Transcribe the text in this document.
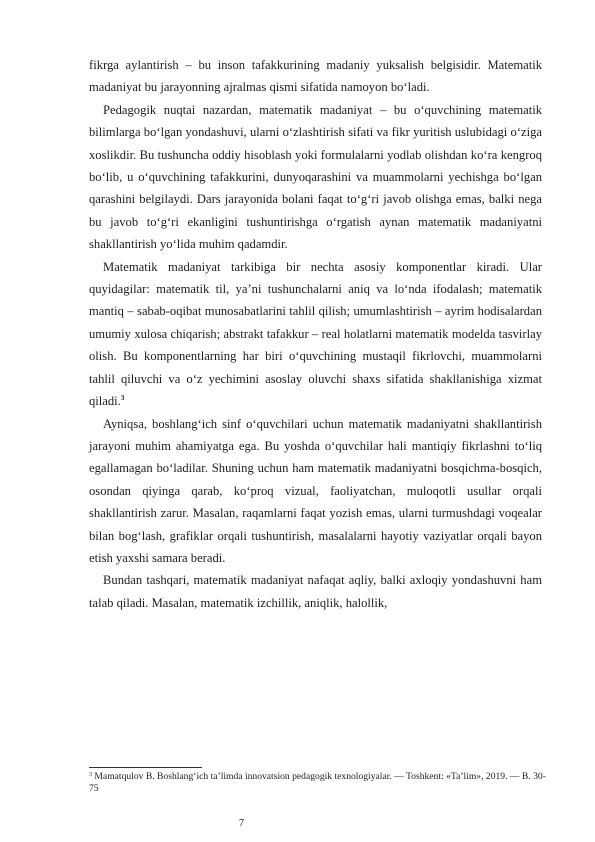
fikrga aylantirish – bu inson tafakkurining madaniy yuksalish belgisidir. Matematik madaniyat bu jarayonning ajralmas qismi sifatida namoyon bo‘ladi.

Pedagogik nuqtai nazardan, matematik madaniyat – bu o‘quvchining matematik bilimlarga bo‘lgan yondashuvi, ularni o‘zlashtirish sifati va fikr yuritish uslubidagi o‘ziga xoslikdir. Bu tushuncha oddiy hisoblash yoki formulalarni yodlab olishdan ko‘ra kengroq bo‘lib, u o‘quvchining tafakkurini, dunyoqarashini va muammolarni yechishga bo‘lgan qarashini belgilaydi. Dars jarayonida bolani faqat to‘g‘ri javob olishga emas, balki nega bu javob to‘g‘ri ekanligini tushuntirishga o‘rgatish aynan matematik madaniyatni shakllantirish yo‘lida muhim qadamdir.

Matematik madaniyat tarkibiga bir nechta asosiy komponentlar kiradi. Ular quyidagilar: matematik til, ya’ni tushunchalarni aniq va lo‘nda ifodalash; matematik mantiq – sabab-oqibat munosabatlarini tahlil qilish; umumlashtirish – ayrim hodisalardan umumiy xulosa chiqarish; abstrakt tafakkur – real holatlarni matematik modelda tasvirlay olish. Bu komponentlarning har biri o‘quvchining mustaqil fikrlovchi, muammolarni tahlil qiluvchi va o‘z yechimini asoslay oluvchi shaxs sifatida shakllanishiga xizmat qiladi.$^3$

Ayniqsa, boshlang‘ich sinf o‘quvchilari uchun matematik madaniyatni shakllantirish jarayoni muhim ahamiyatga ega. Bu yoshda o‘quvchilar hali mantiqiy fikrlashni to‘liq egallamagan bo‘ladilar. Shuning uchun ham matematik madaniyatni bosqichma-bosqich, osondan qiyinga qarab, ko‘proq vizual, faoliyatchan, muloqotli usullar orqali shakllantirish zarur. Masalan, raqamlarni faqat yozish emas, ularni turmushdagi voqealar bilan bog‘lash, grafiklar orqali tushuntirish, masalalarni hayotiy vaziyatlar orqali bayon etish yaxshi samara beradi.

Bundan tashqari, matematik madaniyat nafaqat aqliy, balki axloqiy yondashuvni ham talab qiladi. Masalan, matematik izchillik, aniqlik, halollik,

$^3$ Mamatqulov B. Boshlang‘ich ta’limda innovatsion pedagogik texnologiyalar. — Toshkent: «Ta’lim», 2019. — B. 30-75
7
